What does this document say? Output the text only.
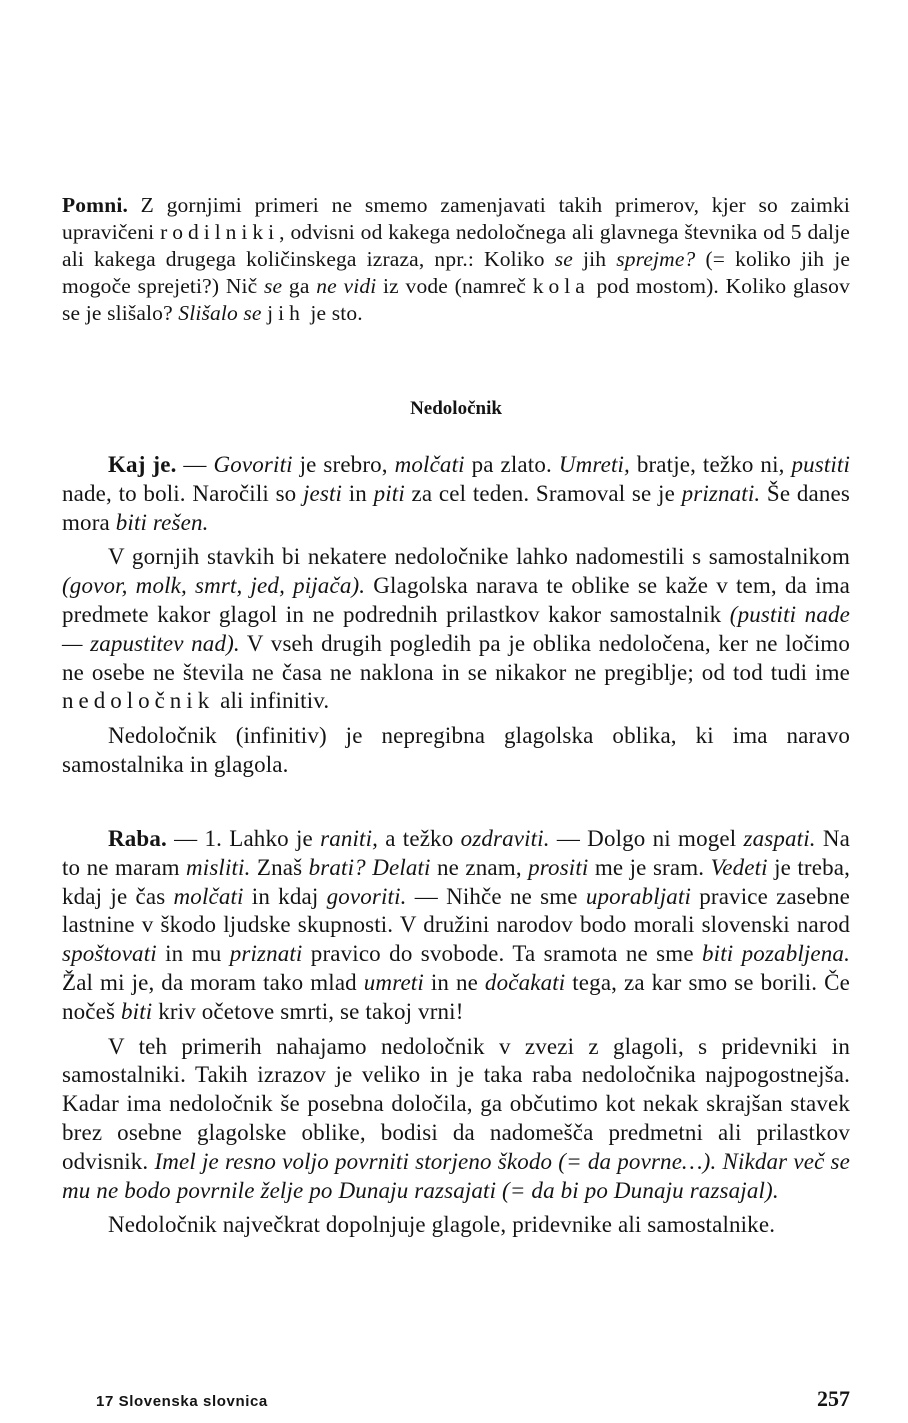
Pomni. Z gornjimi primeri ne smemo zamenjavati takih primerov, kjer so zaimki upravičeni rodilniki, odvisni od kakega nedoločnega ali glavnega števnika od 5 dalje ali kakega drugega količinskega izraza, npr.: Koliko se jih sprejme? (= koliko jih je mogoče sprejeti?) Nič se ga ne vidi iz vode (namreč kola pod mostom). Koliko glasov se je slišalo? Slišalo se jih je sto.

Nedoločnik

Kaj je. — Govoriti je srebro, molčati pa zlato. Umreti, bratje, težko ni, pustiti nade, to boli. Naročili so jesti in piti za cel teden. Sramoval se je priznati. Še danes mora biti rešen.

V gornjih stavkih bi nekatere nedoločnike lahko nadomestili s samostalnikom (govor, molk, smrt, jed, pijača). Glagolska narava te oblike se kaže v tem, da ima predmete kakor glagol in ne podrednih prilastkov kakor samostalnik (pustiti nade — zapustitev nad). V vseh drugih pogledih pa je oblika nedoločena, ker ne ločimo ne osebe ne števila ne časa ne naklona in se nikakor ne pregiblje; od tod tudi ime nedoločnik ali infinitiv.

Nedoločnik (infinitiv) je nepregibna glagolska oblika, ki ima naravo samostalnika in glagola.

Raba. — 1. Lahko je raniti, a težko ozdraviti. — Dolgo ni mogel zaspati. Na to ne maram misliti. Znaš brati? Delati ne znam, prositi me je sram. Vedeti je treba, kdaj je čas molčati in kdaj govoriti. — Nihče ne sme uporabljati pravice zasebne lastnine v škodo ljudske skupnosti. V družini narodov bodo morali slovenski narod spoštovati in mu priznati pravico do svobode. Ta sramota ne sme biti pozabljena. Žal mi je, da moram tako mlad umreti in ne dočakati tega, za kar smo se borili. Če nočeš biti kriv očetove smrti, se takoj vrni!

V teh primerih nahajamo nedoločnik v zvezi z glagoli, s pridevniki in samostalniki. Takih izrazov je veliko in je taka raba nedoločnika najpogostnejša. Kadar ima nedoločnik še posebna določila, ga občutimo kot nekak skrajšan stavek brez osebne glagolske oblike, bodisi da nadomešča predmetni ali prilastkov odvisnik. Imel je resno voljo povrniti storjeno škodo (= da povrne…). Nikdar več se mu ne bodo povrnile želje po Dunaju razsajati (= da bi po Dunaju razsajal).

Nedoločnik največkrat dopolnjuje glagole, pridevnike ali samostalnike.

17 Slovenska slovnica	257
